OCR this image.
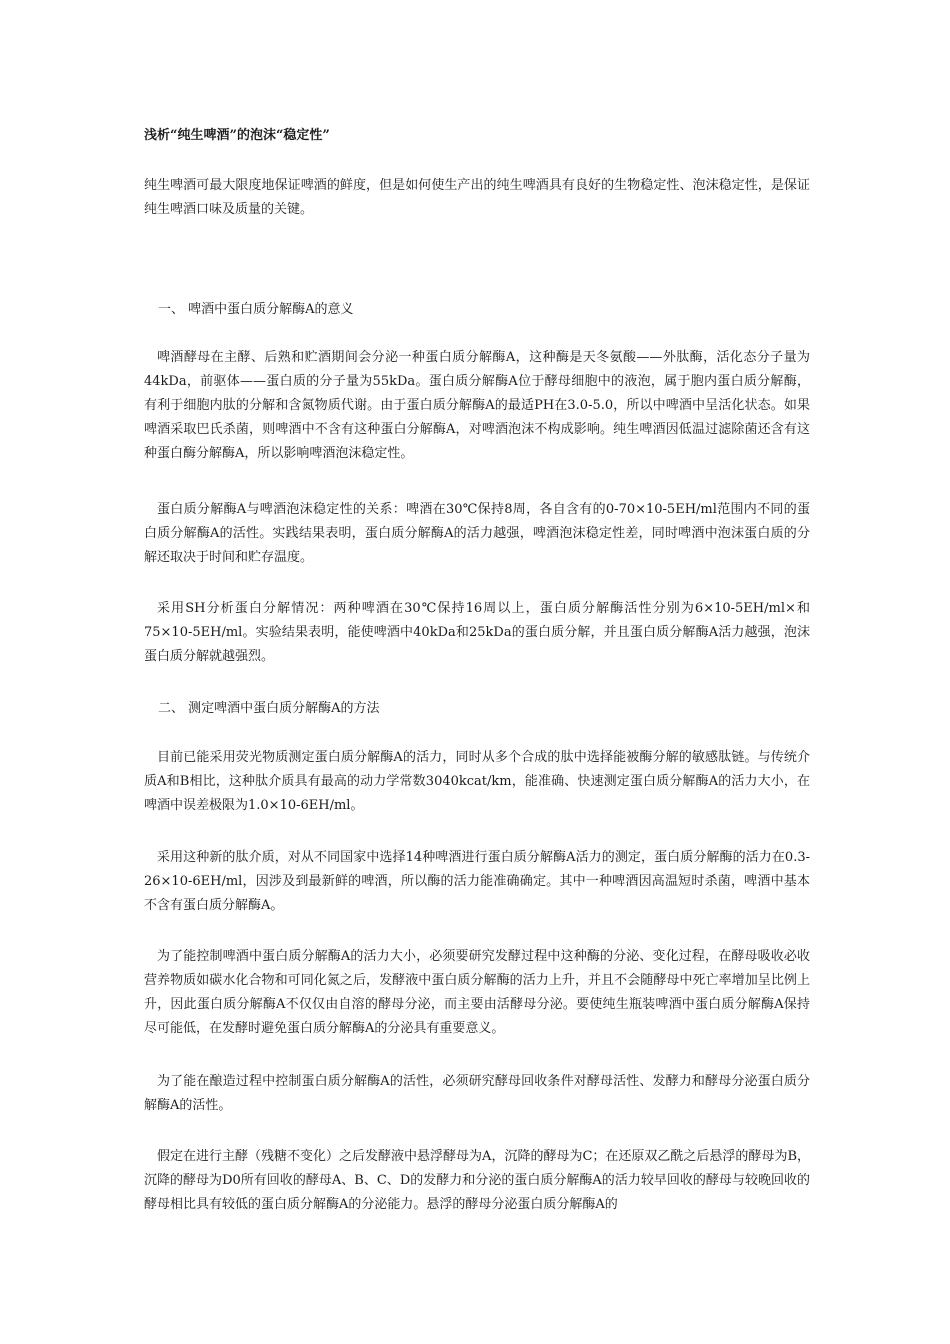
浅析“纯生啤酒”的泡沫“稳定性”

纯生啤酒可最大限度地保证啤酒的鲜度，但是如何使生产出的纯生啤酒具有良好的生物稳定性、泡沫稳定性，是保证纯生啤酒口味及质量的关键。

一、 啤酒中蛋白质分解酶A的意义

啤酒酵母在主酵、后熟和贮酒期间会分泌一种蛋白质分解酶A，这种酶是天冬氨酸——外肽酶，活化态分子量为44kDa，前驱体——蛋白质的分子量为55kDa。蛋白质分解酶A位于酵母细胞中的液泡，属于胞内蛋白质分解酶，有利于细胞内肽的分解和含氮物质代谢。由于蛋白质分解酶A的最适PH在3.0-5.0，所以中啤酒中呈活化状态。如果啤酒采取巴氏杀菌，则啤酒中不含有这种蛋白分解酶A，对啤酒泡沫不构成影响。纯生啤酒因低温过滤除菌还含有这种蛋白酶分解酶A，所以影响啤酒泡沫稳定性。

蛋白质分解酶A与啤酒泡沫稳定性的关系：啤酒在30℃保持8周，各自含有的0-70×10-5EH/ml范围内不同的蛋白质分解酶A的活性。实践结果表明，蛋白质分解酶A的活力越强，啤酒泡沫稳定性差，同时啤酒中泡沫蛋白质的分解还取决于时间和贮存温度。

采用SH分析蛋白分解情况：两种啤酒在30℃保持16周以上，蛋白质分解酶活性分别为6×10-5EH/ml×和75×10-5EH/ml。实验结果表明，能使啤酒中40kDa和25kDa的蛋白质分解，并且蛋白质分解酶A活力越强，泡沫蛋白质分解就越强烈。

二、 测定啤酒中蛋白质分解酶A的方法

目前已能采用荧光物质测定蛋白质分解酶A的活力，同时从多个合成的肽中选择能被酶分解的敏感肽链。与传统介质A和B相比，这种肽介质具有最高的动力学常数3040kcat/km，能准确、快速测定蛋白质分解酶A的活力大小，在啤酒中误差极限为1.0×10-6EH/ml。

采用这种新的肽介质，对从不同国家中选择14种啤酒进行蛋白质分解酶A活力的测定，蛋白质分解酶的活力在0.3-26×10-6EH/ml，因涉及到最新鲜的啤酒，所以酶的活力能准确确定。其中一种啤酒因高温短时杀菌，啤酒中基本不含有蛋白质分解酶A。

为了能控制啤酒中蛋白质分解酶A的活力大小，必须要研究发酵过程中这种酶的分泌、变化过程，在酵母吸收必收营养物质如碳水化合物和可同化氮之后，发酵液中蛋白质分解酶的活力上升，并且不会随酵母中死亡率增加呈比例上升，因此蛋白质分解酶A不仅仅由自溶的酵母分泌，而主要由活酵母分泌。要使纯生瓶装啤酒中蛋白质分解酶A保持尽可能低，在发酵时避免蛋白质分解酶A的分泌具有重要意义。

为了能在酿造过程中控制蛋白质分解酶A的活性，必须研究酵母回收条件对酵母活性、发酵力和酵母分泌蛋白质分解酶A的活性。

假定在进行主酵（残糖不变化）之后发酵液中悬浮酵母为A，沉降的酵母为C；在还原双乙酰之后悬浮的酵母为B，沉降的酵母为D0所有回收的酵母A、B、C、D的发酵力和分泌的蛋白质分解酶A的活力较早回收的酵母与较晚回收的酵母相比具有较低的蛋白质分解酶A的分泌能力。悬浮的酵母分泌蛋白质分解酶A的
